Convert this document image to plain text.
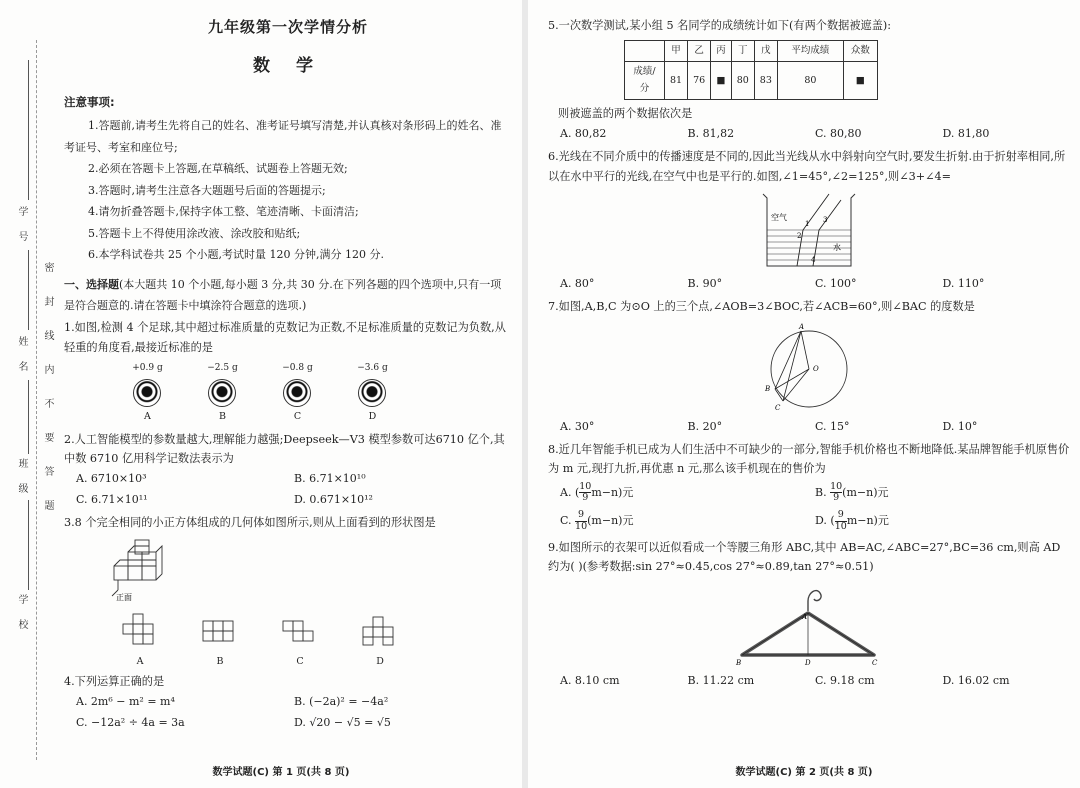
学 号
姓 名
班 级
学 校
密封线内不要答题
九年级第一次学情分析
数 学
注意事项:

1.答题前,请考生先将自己的姓名、准考证号填写清楚,并认真核对条形码上的姓名、准考证号、考室和座位号;

2.必须在答题卡上答题,在草稿纸、试题卷上答题无效;

3.答题时,请考生注意各大题题号后面的答题提示;

4.请勿折叠答题卡,保持字体工整、笔迹清晰、卡面清洁;

5.答题卡上不得使用涂改液、涂改胶和贴纸;

6.本学科试卷共 25 个小题,考试时量 120 分钟,满分 120 分.

一、选择题(本大题共 10 个小题,每小题 3 分,共 30 分.在下列各题的四个选项中,只有一项是符合题意的.请在答题卡中填涂符合题意的选项.)
1.如图,检测 4 个足球,其中超过标准质量的克数记为正数,不足标准质量的克数记为负数,从轻重的角度看,最接近标准的是
+0.9 g
A
−2.5 g
B
−0.8 g
C
−3.6 g
D
2.人工智能模型的参数量越大,理解能力越强;Deepseek—V3 模型参数可达6710 亿个,其中数 6710 亿用科学记数法表示为
A. 6710×10³	B. 6.71×10¹⁰
C. 6.71×10¹¹	D. 0.671×10¹²
3.8 个完全相同的小正方体组成的几何体如图所示,则从上面看到的形状图是
正面
A	B	C	D
4.下列运算正确的是
A. 2m⁶ − m² = m⁴	B. (−2a)² = −4a²
C. −12a² ÷ 4a = 3a	D. √20 − √5 = √5
5.一次数学测试,某小组 5 名同学的成绩统计如下(有两个数据被遮盖):
	甲	乙	丙	丁	戊	平均成绩	众数
成绩/分	81	76	■	80	83	80	■
则被遮盖的两个数据依次是
A. 80,82	B. 81,82	C. 80,80	D. 81,80
6.光线在不同介质中的传播速度是不同的,因此当光线从水中斜射向空气时,要发生折射.由于折射率相同,所以在水中平行的光线,在空气中也是平行的.如图,∠1=45°,∠2=125°,则∠3+∠4=
空气
水
1
2
3
4
A. 80°	B. 90°	C. 100°	D. 110°
7.如图,A,B,C 为⊙O 上的三个点,∠AOB=3∠BOC,若∠ACB=60°,则∠BAC 的度数是
A
B
C
O
A. 30°	B. 20°	C. 15°	D. 10°
8.近几年智能手机已成为人们生活中不可缺少的一部分,智能手机价格也不断地降低.某品牌智能手机原售价为 m 元,现打九折,再优惠 n 元,那么该手机现在的售价为
A. ( $\frac{10}{9} m-n$)元	B. $\frac{10}{9} (m-n)$元
C. $\frac{9}{10} (m-n)$元	D. ( $\frac{9}{10} m-n$)元
9.如图所示的衣架可以近似看成一个等腰三角形 ABC,其中 AB=AC,∠ABC=27°,BC=36 cm,则高 AD 约为( )(参考数据:sin 27°≈0.45,cos 27°≈0.89,tan 27°≈0.51)
A
B	C
D
A. 8.10 cm	B. 11.22 cm	C. 9.18 cm	D. 16.02 cm
数学试题(C) 第 1 页(共 8 页)	数学试题(C) 第 2 页(共 8 页)
